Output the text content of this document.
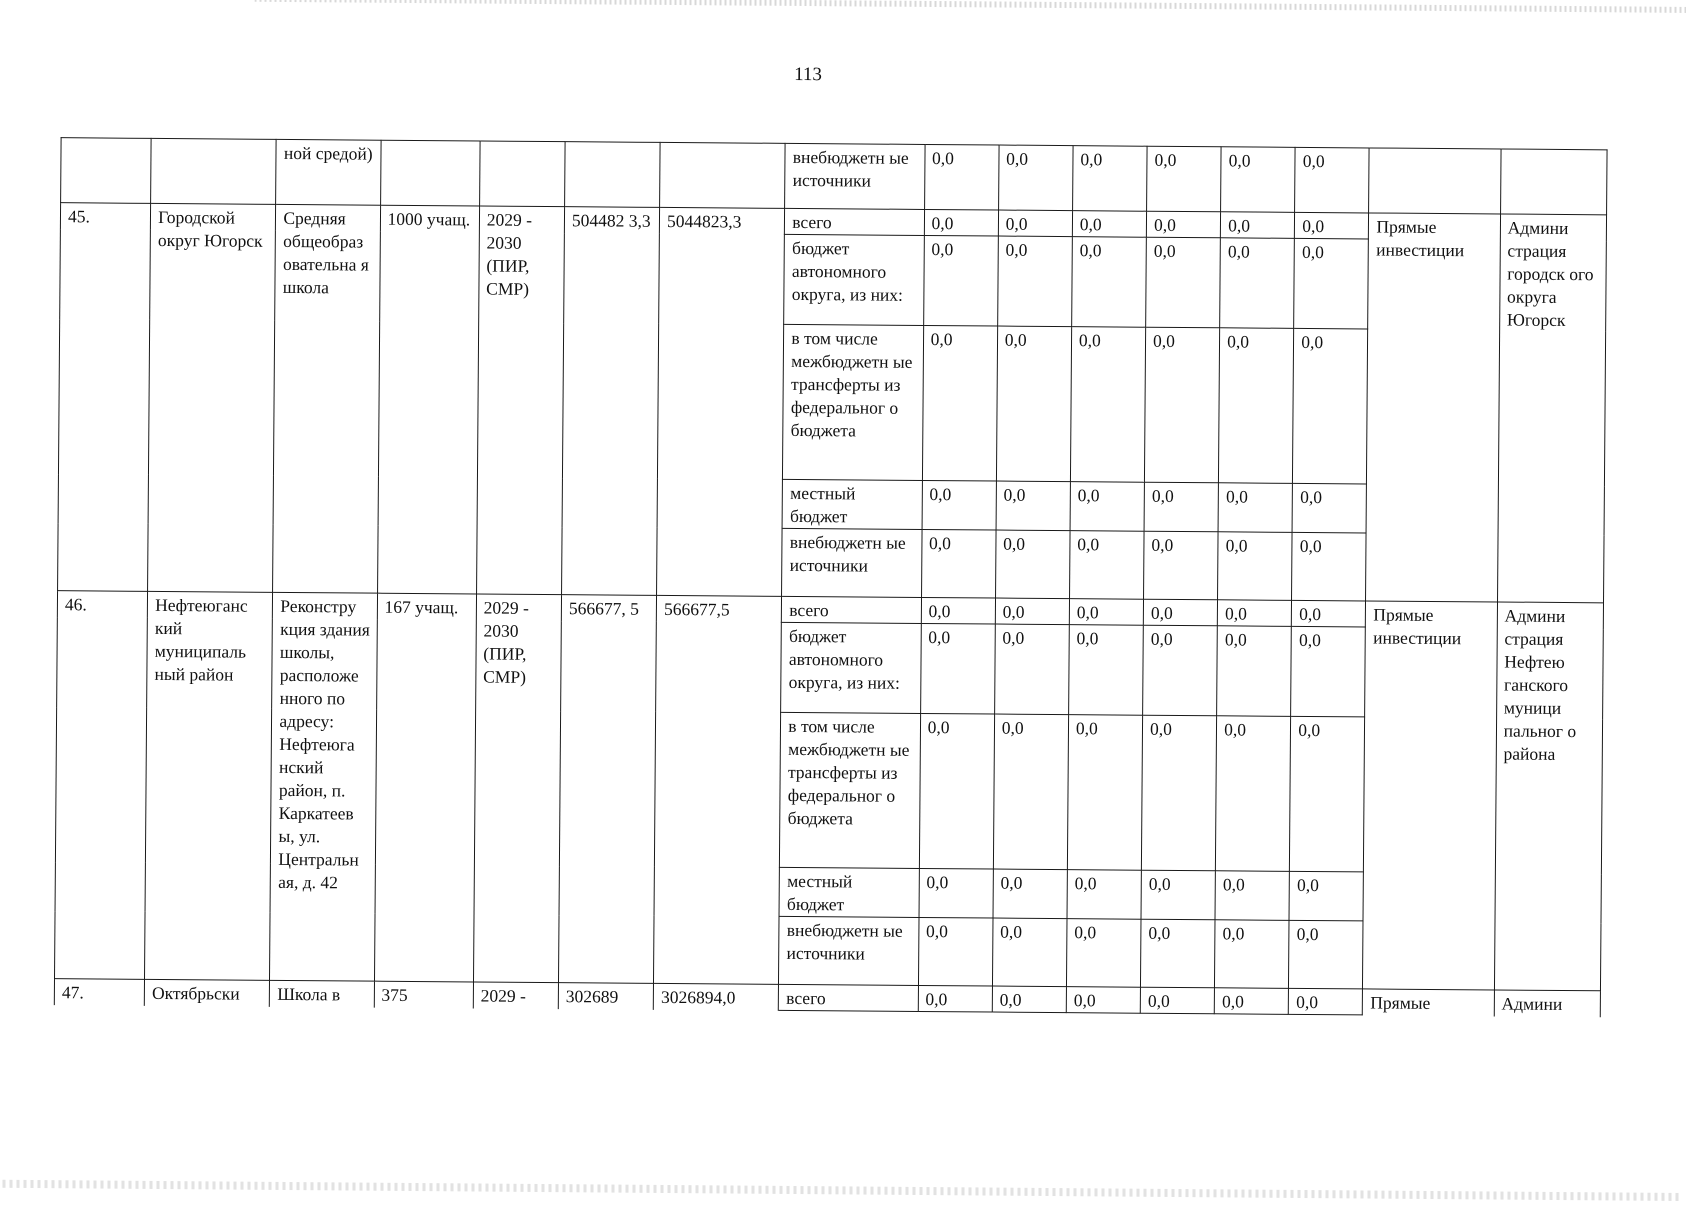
113
		ной средой)					внебюджетн ые источники	0,0	0,0	0,0	0,0	0,0	0,0		
45.	Городской округ Югорск	Средняя общеобраз овательна я школа	1000 учащ.	2029 - 2030 (ПИР, СМР)	504482 3,3	5044823,3	всего	0,0	0,0	0,0	0,0	0,0	0,0	Прямые инвестиции	Админи страция городск ого округа Югорск
							бюджет автономного округа, из них:	0,0	0,0	0,0	0,0	0,0	0,0		
							в том числе межбюджетн ые трансферты из федеральног о бюджета	0,0	0,0	0,0	0,0	0,0	0,0		
							местный бюджет	0,0	0,0	0,0	0,0	0,0	0,0		
							внебюджетн ые источники	0,0	0,0	0,0	0,0	0,0	0,0		
46.	Нефтеюганс кий муниципаль ный район	Реконстру кция здания школы, расположе нного по адресу: Нефтеюга нский район, п. Каркатеев ы, ул. Центральн ая, д. 42	167 учащ.	2029 - 2030 (ПИР, СМР)	566677, 5	566677,5	всего	0,0	0,0	0,0	0,0	0,0	0,0	Прямые инвестиции	Админи страция Нефтею ганского муници пальног о района
							бюджет автономного округа, из них:	0,0	0,0	0,0	0,0	0,0	0,0		
							в том числе межбюджетн ые трансферты из федеральног о бюджета	0,0	0,0	0,0	0,0	0,0	0,0		
							местный бюджет	0,0	0,0	0,0	0,0	0,0	0,0		
							внебюджетн ые источники	0,0	0,0	0,0	0,0	0,0	0,0		
47.	Октябрьски	Школа в	375	2029 -	302689	3026894,0	всего	0,0	0,0	0,0	0,0	0,0	0,0	Прямые	Админи
